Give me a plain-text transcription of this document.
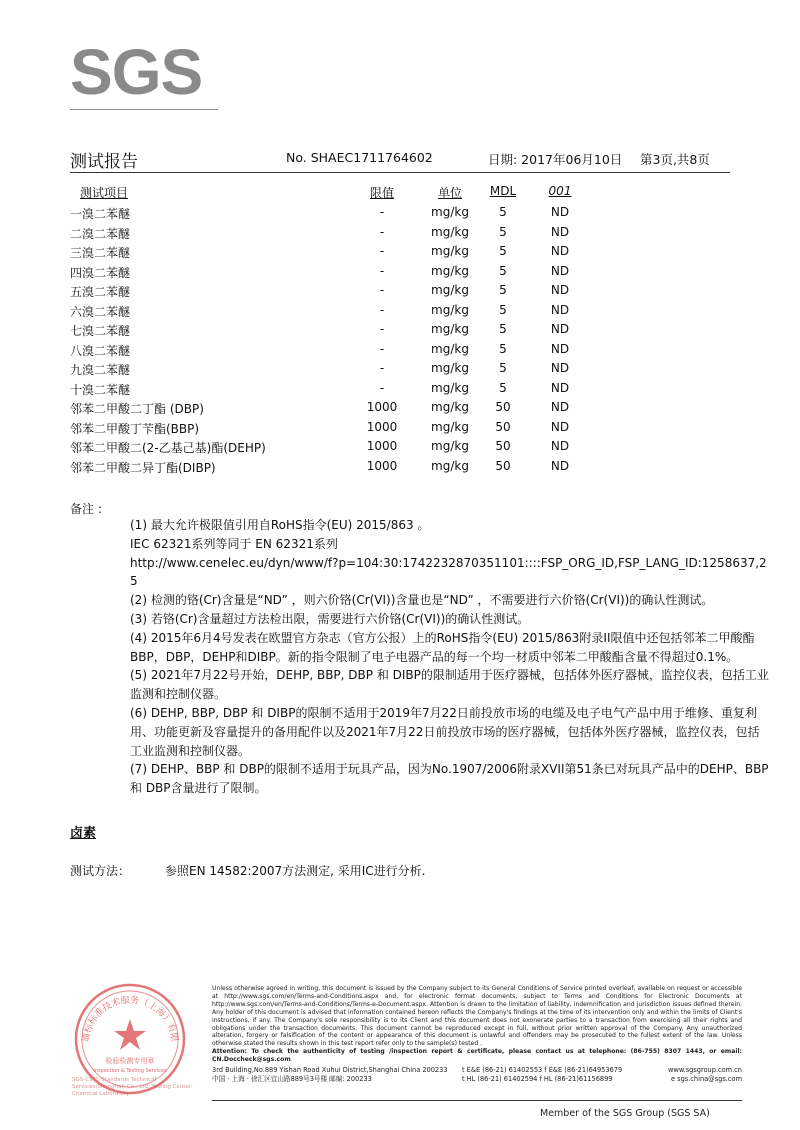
SGS
测试报告	No. SHAEC1711764602	日期: 2017年06月10日 第3页,共8页
测试项目	限值	单位	MDL	001
一溴二苯醚	-	mg/kg	5	ND
二溴二苯醚	-	mg/kg	5	ND
三溴二苯醚	-	mg/kg	5	ND
四溴二苯醚	-	mg/kg	5	ND
五溴二苯醚	-	mg/kg	5	ND
六溴二苯醚	-	mg/kg	5	ND
七溴二苯醚	-	mg/kg	5	ND
八溴二苯醚	-	mg/kg	5	ND
九溴二苯醚	-	mg/kg	5	ND
十溴二苯醚	-	mg/kg	5	ND
邻苯二甲酸二丁酯 (DBP)	1000	mg/kg	50	ND
邻苯二甲酸丁苄酯(BBP)	1000	mg/kg	50	ND
邻苯二甲酸二(2-乙基己基)酯(DEHP)	1000	mg/kg	50	ND
邻苯二甲酸二异丁酯(DIBP)	1000	mg/kg	50	ND
备注 :

(1) 最大允许极限值引用自RoHS指令(EU) 2015/863 。

IEC 62321系列等同于 EN 62321系列

http://www.cenelec.eu/dyn/www/f?p=104:30:1742232870351101::::FSP_ORG_ID,FSP_LANG_ID:1258637,25

(2) 检测的铬(Cr)含量是“ND” ，则六价铬(Cr(VI))含量也是“ND” ，不需要进行六价铬(Cr(VI))的确认性测试。

(3) 若铬(Cr)含量超过方法检出限，需要进行六价铬(Cr(VI))的确认性测试。

(4) 2015年6月4号发表在欧盟官方杂志（官方公报）上的RoHS指令(EU) 2015/863附录II限值中还包括邻苯二甲酸酯BBP，DBP，DEHP和DIBP。新的指令限制了电子电器产品的每一个均一材质中邻苯二甲酸酯含量不得超过0.1%。

(5) 2021年7月22号开始，DEHP, BBP, DBP 和 DIBP的限制适用于医疗器械，包括体外医疗器械，监控仪表，包括工业监测和控制仪器。

(6) DEHP, BBP, DBP 和 DIBP的限制不适用于2019年7月22日前投放市场的电缆及电子电气产品中用于维修、重复利用、功能更新及容量提升的备用配件以及2021年7月22日前投放市场的医疗器械，包括体外医疗器械，监控仪表，包括工业监测和控制仪器。

(7) DEHP、BBP 和 DBP的限制不适用于玩具产品，因为No.1907/2006附录XVII第51条已对玩具产品中的DEHP、BBP 和 DBP含量进行了限制。

卤素
测试方法：	参照EN 14582:2007方法测定, 采用IC进行分析.
通标标准技术服务（上海）有限
检验检测专用章
Inspection & Testing Services
SGS-CSTC Standards Technical Services(Shanghai) Co., Ltd. Testing Center-Chemical Laboratory
Unless otherwise agreed in writing, this document is issued by the Company subject to its General Conditions of Service printed overleaf, available on request or accessible at http://www.sgs.com/en/Terms-and-Conditions.aspx and, for electronic format documents, subject to Terms and Conditions for Electronic Documents at http://www.sgs.com/en/Terms-and-Conditions/Terms-e-Document.aspx. Attention is drawn to the limitation of liability, indemnification and jurisdiction issues defined therein. Any holder of this document is advised that information contained hereon reflects the Company's findings at the time of its intervention only and within the limits of Client's instructions, if any. The Company's sole responsibility is to its Client and this document does not exonerate parties to a transaction from exercising all their rights and obligations under the transaction documents. This document cannot be reproduced except in full, without prior written approval of the Company. Any unauthorized alteration, forgery or falsification of the content or appearance of this document is unlawful and offenders may be prosecuted to the fullest extent of the law. Unless otherwise stated the results shown in this test report refer only to the sample(s) tested .
Attention: To check the authenticity of testing /inspection report & certificate, please contact us at telephone: (86-755) 8307 1443, or email: CN.Doccheck@sgs.com
3rd Building,No.889 Yishan Road Xuhui District,Shanghai China 200233 t E&E (86-21) 61402553 f E&E (86-21)64953679	www.sgsgroup.com.cn
中国 · 上海 · 徐汇区宜山路889号3号楼 邮编: 200233	t HL (86-21) 61402594 f HL (86-21)61156899	e sgs.china@sgs.com
Member of the SGS Group (SGS SA)
